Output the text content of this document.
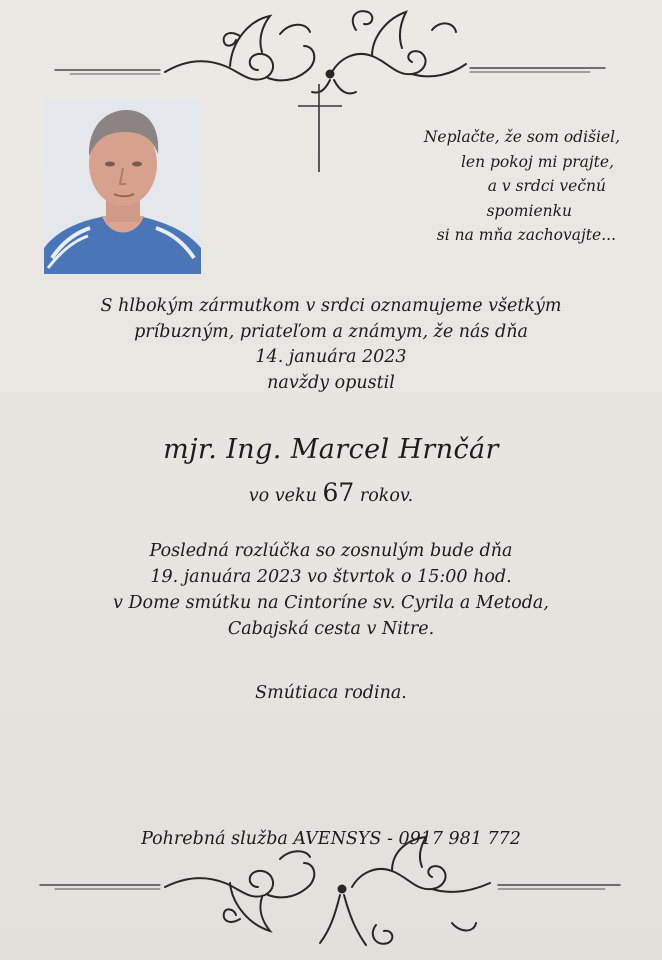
Neplačte, že som odišiel,
len pokoj mi prajte,
a v srdci večnú
spomienku
si na mňa zachovajte...
S hlbokým zármutkom v srdci oznamujeme všetkým
príbuzným, priateľom a známym, že nás dňa
14. januára 2023
navždy opustil
mjr. Ing. Marcel Hrnčár
vo veku 67 rokov.
Posledná rozlúčka so zosnulým bude dňa
19. januára 2023 vo štvrtok o 15:00 hod.
v Dome smútku na Cintoríne sv. Cyrila a Metoda,
Cabajská cesta v Nitre.
Smútiaca rodina.
Pohrebná služba AVENSYS - 0917 981 772
